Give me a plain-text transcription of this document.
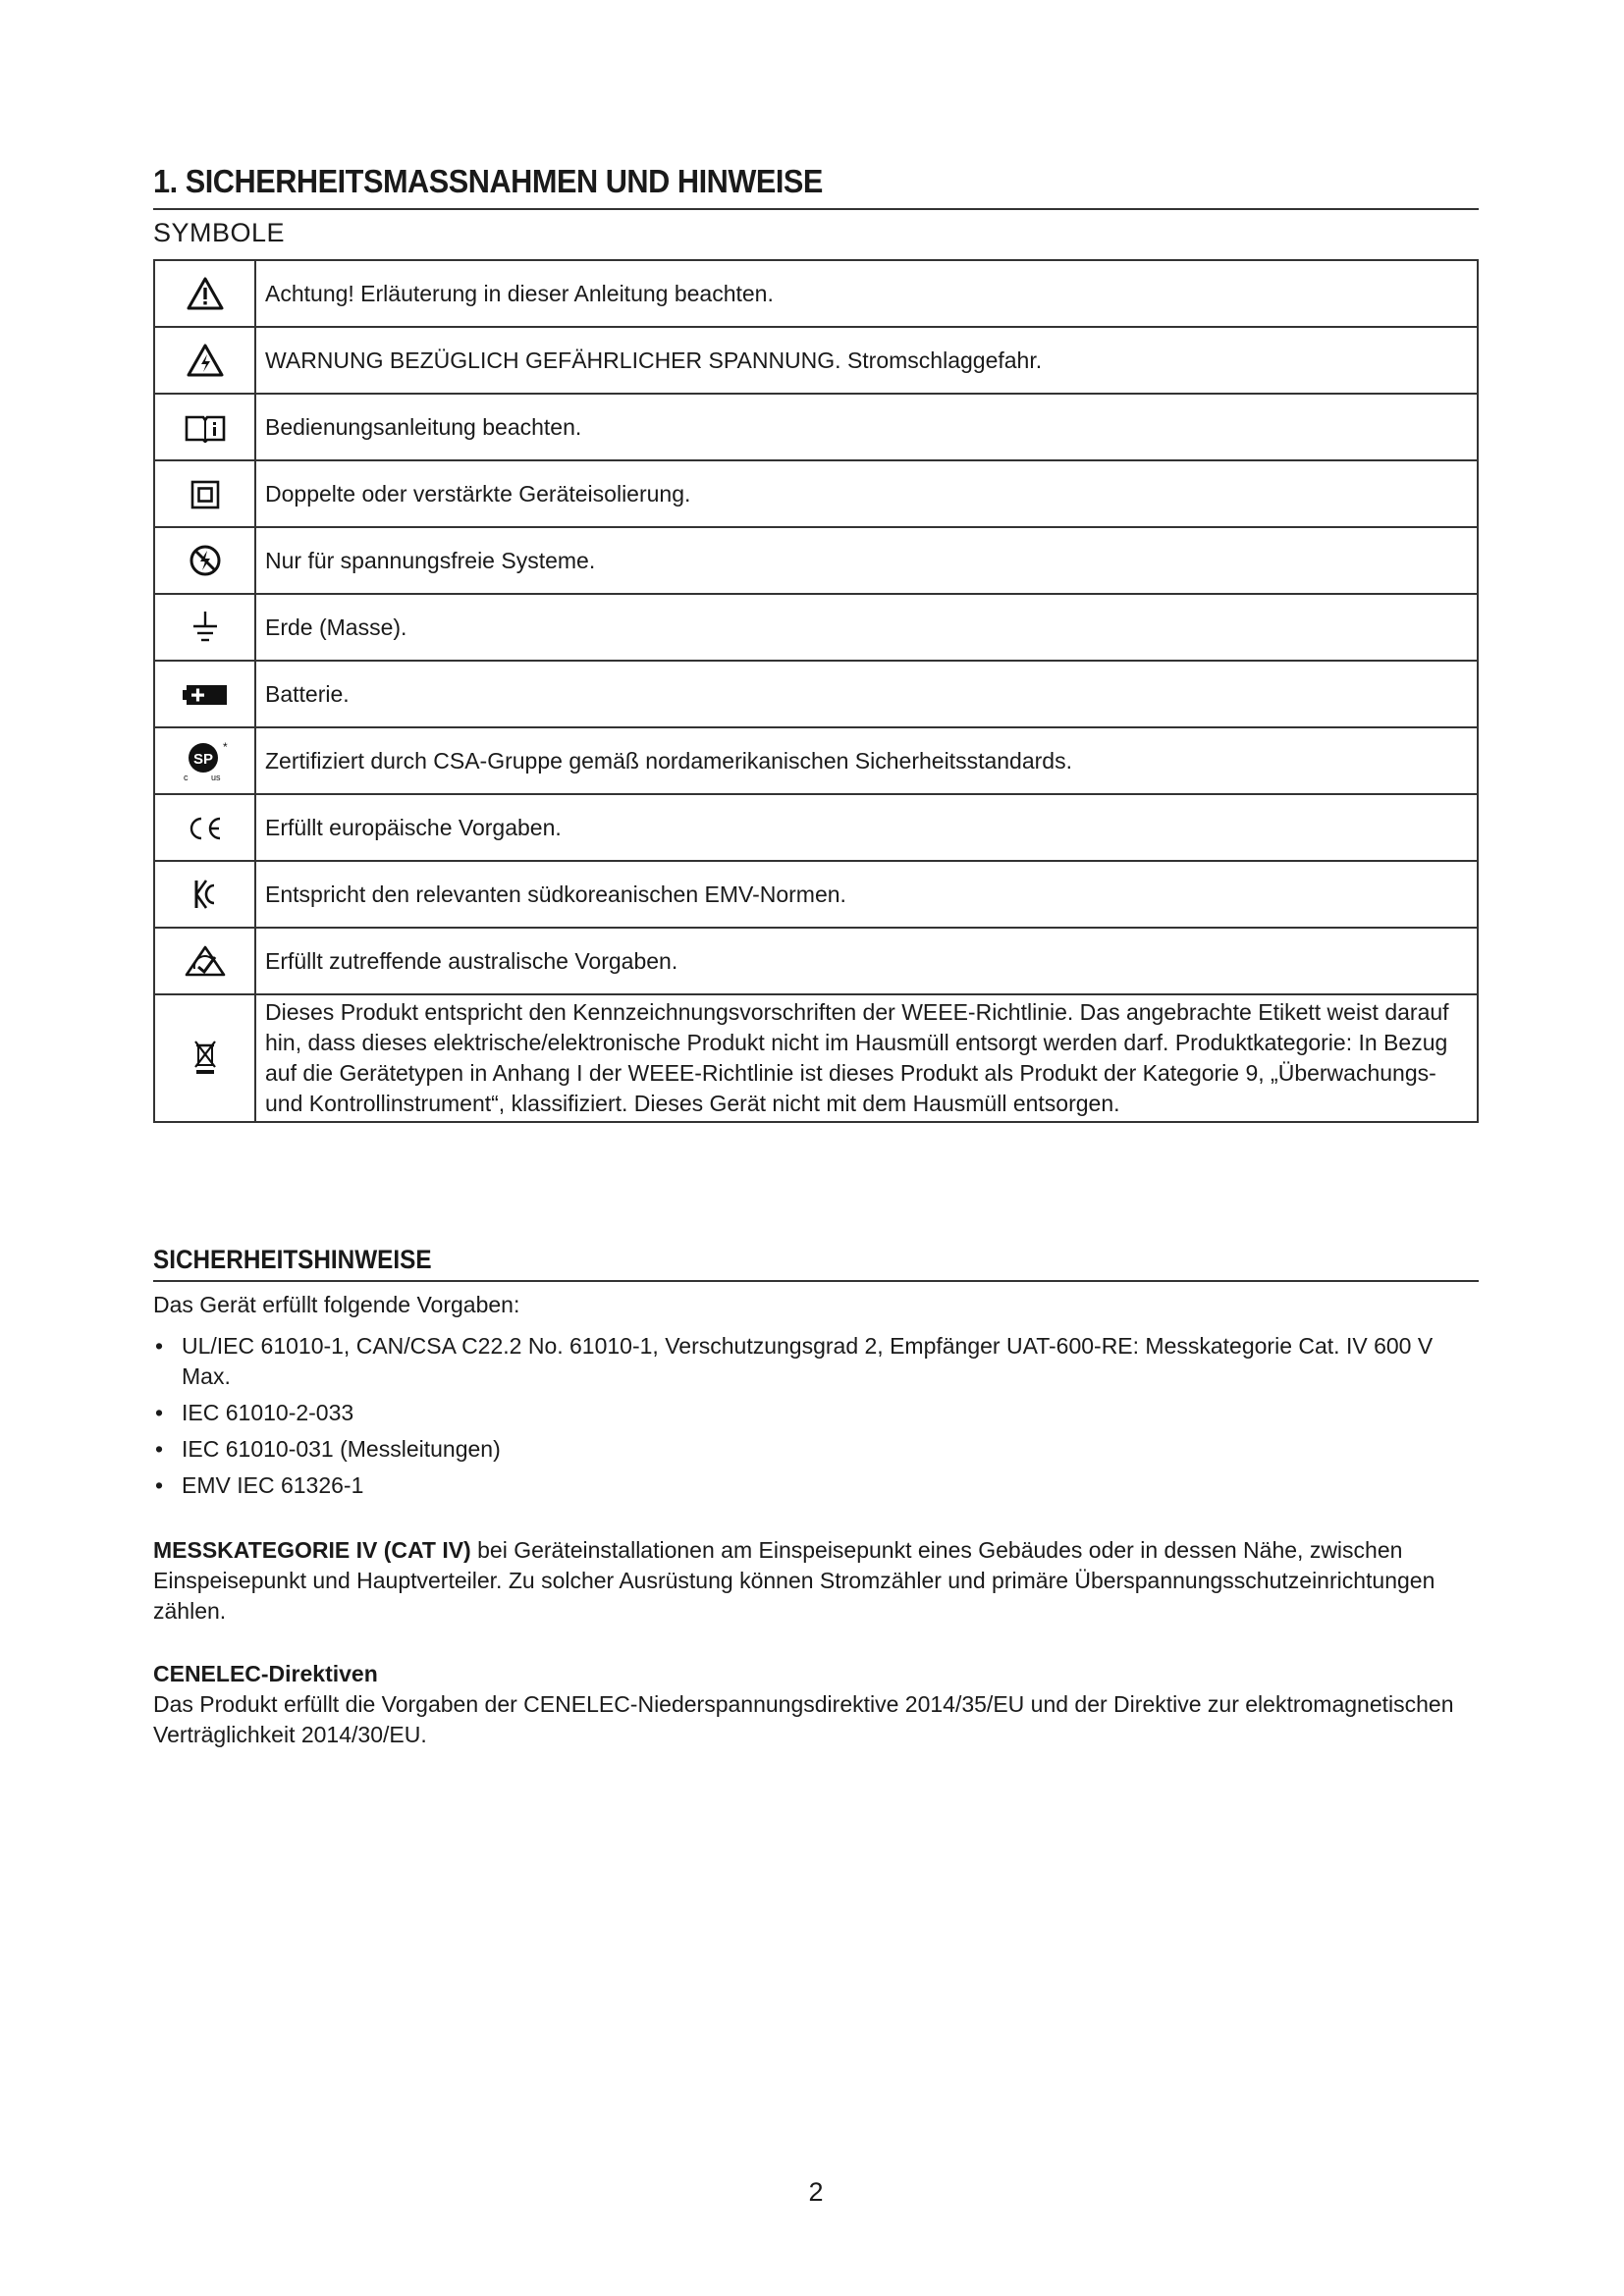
1. SICHERHEITSMASSNAHMEN UND HINWEISE
SYMBOLE
	Achtung! Erläuterung in dieser Anleitung beachten.
	WARNUNG BEZÜGLICH GEFÄHRLICHER SPANNUNG. Stromschlaggefahr.
	Bedienungsanleitung beachten.
	Doppelte oder verstärkte Geräteisolierung.
	Nur für spannungsfreie Systeme.
	Erde (Masse).
	Batterie.

SP
*
c us	Zertifiziert durch CSA-Gruppe gemäß nordamerikanischen Sicherheitsstandards.
	Erfüllt europäische Vorgaben.
	Entspricht den relevanten südkoreanischen EMV-Normen.
	Erfüllt zutreffende australische Vorgaben.
	Dieses Produkt entspricht den Kennzeichnungsvorschriften der WEEE-Richtlinie. Das angebrachte Etikett weist darauf hin, dass dieses elektrische/elektronische Produkt nicht im Hausmüll entsorgt werden darf. Produktkategorie: In Bezug auf die Gerätetypen in Anhang I der WEEE-Richtlinie ist dieses Produkt als Produkt der Kategorie 9, „Überwachungs- und Kontrollinstrument“, klassifiziert. Dieses Gerät nicht mit dem Hausmüll entsorgen.
SICHERHEITSHINWEISE
Das Gerät erfüllt folgende Vorgaben:
• UL/IEC 61010-1, CAN/CSA C22.2 No. 61010-1, Verschutzungsgrad 2, Empfänger UAT-600-RE: Messkategorie Cat. IV 600 V Max.
• IEC 61010-2-033
• IEC 61010-031 (Messleitungen)
• EMV IEC 61326-1
MESSKATEGORIE IV (CAT IV) bei Geräteinstallationen am Einspeisepunkt eines Gebäudes oder in dessen Nähe, zwischen Einspeisepunkt und Hauptverteiler. Zu solcher Ausrüstung können Stromzähler und primäre Überspannungsschutzeinrichtungen zählen.
CENELEC-Direktiven
Das Produkt erfüllt die Vorgaben der CENELEC-Niederspannungsdirektive 2014/35/EU und der Direktive zur elektromagnetischen Verträglichkeit 2014/30/EU.
2
